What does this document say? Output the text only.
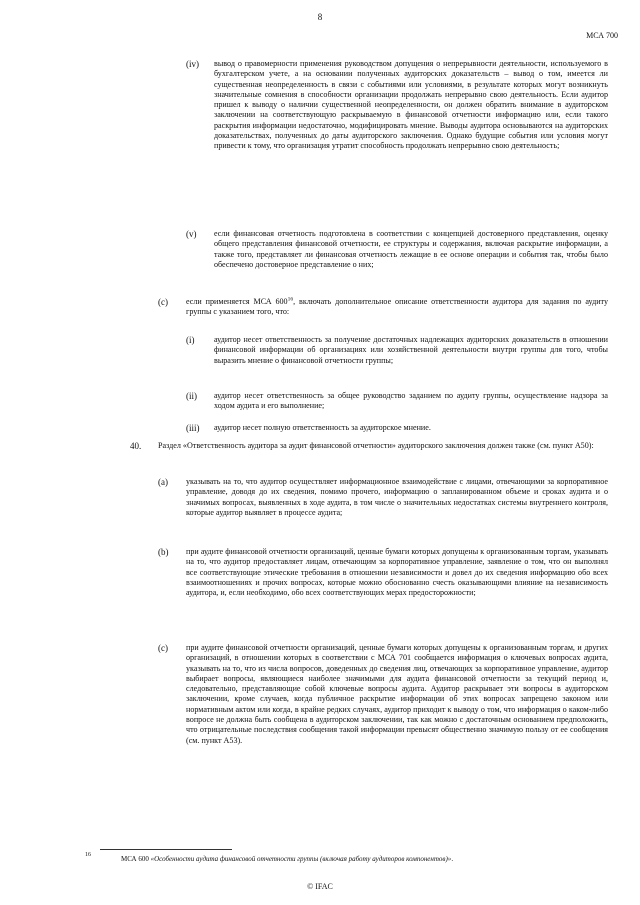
8
МСА 700
(iv) вывод о правомерности применения руководством допущения о непрерывности деятельности, используемого в бухгалтерском учете, а на основании полученных аудиторских доказательств – вывод о том, имеется ли существенная неопределенность в связи с событиями или условиями, в результате которых могут возникнуть значительные сомнения в способности организации продолжать непрерывно свою деятельность. Если аудитор пришел к выводу о наличии существенной неопределенности, он должен обратить внимание в аудиторском заключении на соответствующую раскрываемую в финансовой отчетности информацию или, если такого раскрытия информации недостаточно, модифицировать мнение. Выводы аудитора основываются на аудиторских доказательствах, полученных до даты аудиторского заключения. Однако будущие события или условия могут привести к тому, что организация утратит способность продолжать непрерывно свою деятельность;

(v) если финансовая отчетность подготовлена в соответствии с концепцией достоверного представления, оценку общего представления финансовой отчетности, ее структуры и содержания, включая раскрытие информации, а также того, представляет ли финансовая отчетность лежащие в ее основе операции и события так, чтобы было обеспечено достоверное представление о них;

(c) если применяется МСА $600^{16}$, включать дополнительное описание ответственности аудитора для задания по аудиту группы с указанием того, что:

(i) аудитор несет ответственность за получение достаточных надлежащих аудиторских доказательств в отношении финансовой информации об организациях или хозяйственной деятельности внутри группы для того, чтобы выразить мнение о финансовой отчетности группы;

(ii) аудитор несет ответственность за общее руководство заданием по аудиту группы, осуществление надзора за ходом аудита и его выполнение;

(iii) аудитор несет полную ответственность за аудиторское мнение.

40. Раздел «Ответственность аудитора за аудит финансовой отчетности» аудиторского заключения должен также (см. пункт A50):

(a) указывать на то, что аудитор осуществляет информационное взаимодействие с лицами, отвечающими за корпоративное управление, доводя до их сведения, помимо прочего, информацию о запланированном объеме и сроках аудита и о значимых вопросах, выявленных в ходе аудита, в том числе о значительных недостатках системы внутреннего контроля, которые аудитор выявляет в процессе аудита;

(b) при аудите финансовой отчетности организаций, ценные бумаги которых допущены к организованным торгам, указывать на то, что аудитор предоставляет лицам, отвечающим за корпоративное управление, заявление о том, что он выполнял все соответствующие этические требования в отношении независимости и довел до их сведения информацию обо всех взаимоотношениях и прочих вопросах, которые можно обоснованно счесть оказывающими влияние на независимость аудитора, и, если необходимо, обо всех соответствующих мерах предосторожности;

(c) при аудите финансовой отчетности организаций, ценные бумаги которых допущены к организованным торгам, и других организаций, в отношении которых в соответствии с МСА 701 сообщается информация о ключевых вопросах аудита, указывать на то, что из числа вопросов, доведенных до сведения лиц, отвечающих за корпоративное управление, аудитор выбирает вопросы, являющиеся наиболее значимыми для аудита финансовой отчетности за текущий период и, следовательно, представляющие собой ключевые вопросы аудита. Аудитор раскрывает эти вопросы в аудиторском заключении, кроме случаев, когда публичное раскрытие информации об этих вопросах запрещено законом или нормативным актом или когда, в крайне редких случаях, аудитор приходит к выводу о том, что информация о каком-либо вопросе не должна быть сообщена в аудиторском заключении, так как можно с достаточным основанием предположить, что отрицательные последствия сообщения такой информации превысят общественно значимую пользу от ее сообщения (см. пункт A53).

16	МСА 600 «Особенности аудита финансовой отчетности группы (включая работу аудиторов компонентов)».

© IFAC
